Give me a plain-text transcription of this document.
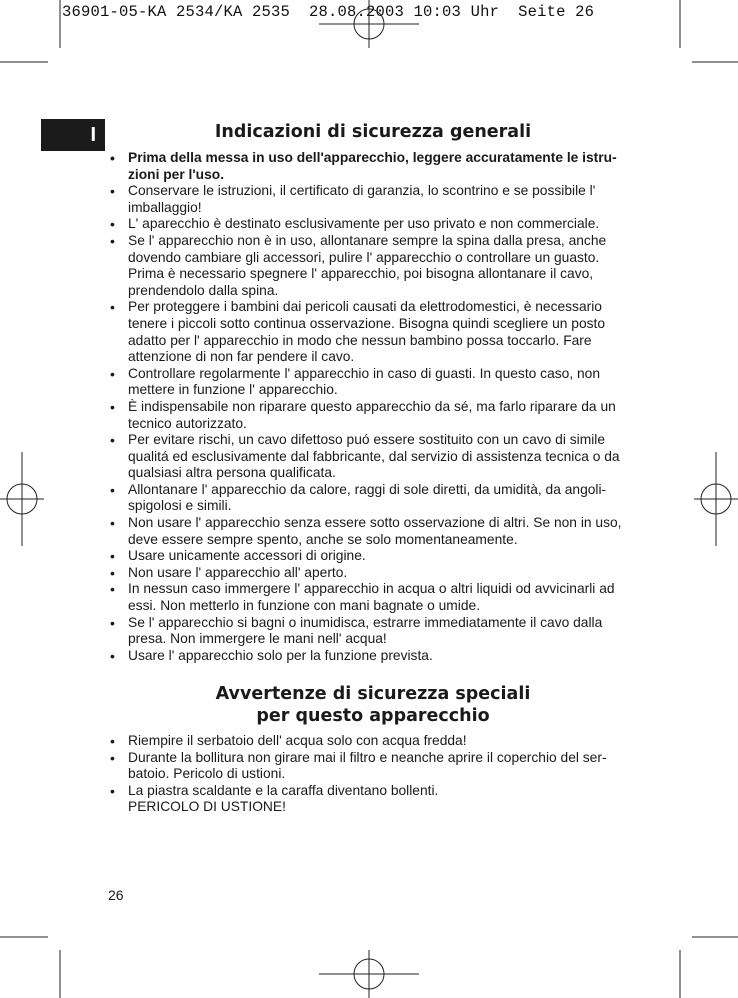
36901-05-KA 2534/KA 2535  28.08.2003 10:03 Uhr  Seite 26
I	Indicazioni di sicurezza generali
• Prima della messa in uso dell'apparecchio, leggere accuratamente le istru-zioni per l'uso.
• Conservare le istruzioni, il certificato di garanzia, lo scontrino e se possibile l' imballaggio!
• L' aparecchio è destinato esclusivamente per uso privato e non commerciale.
• Se l' apparecchio non è in uso, allontanare sempre la spina dalla presa, anche dovendo cambiare gli accessori, pulire l' apparecchio o controllare un guasto. Prima è necessario spegnere l' apparecchio, poi bisogna allontanare il cavo, prendendolo dalla spina.
• Per proteggere i bambini dai pericoli causati da elettrodomestici, è necessario tenere i piccoli sotto continua osservazione. Bisogna quindi scegliere un posto adatto per l' apparecchio in modo che nessun bambino possa toccarlo. Fare attenzione di non far pendere il cavo.
• Controllare regolarmente l' apparecchio in caso di guasti. In questo caso, non mettere in funzione l' apparecchio.
• È indispensabile non riparare questo apparecchio da sé, ma farlo riparare da un tecnico autorizzato.
• Per evitare rischi, un cavo difettoso puó essere sostituito con un cavo di simile qualitá ed esclusivamente dal fabbricante, dal servizio di assistenza tecnica o da qualsiasi altra persona qualificata.
• Allontanare l' apparecchio da calore, raggi di sole diretti, da umidità, da angoli-spigolosi e simili.
• Non usare l' apparecchio senza essere sotto osservazione di altri. Se non in uso, deve essere sempre spento, anche se solo momentaneamente.
• Usare unicamente accessori di origine.
• Non usare l' apparecchio all' aperto.
• In nessun caso immergere l' apparecchio in acqua o altri liquidi od avvicinarli ad essi. Non metterlo in funzione con mani bagnate o umide.
• Se l' apparecchio si bagni o inumidisca, estrarre immediatamente il cavo dalla presa. Non immergere le mani nell' acqua!
• Usare l' apparecchio solo per la funzione prevista.
Avvertenze di sicurezza speciali
per questo apparecchio
• Riempire il serbatoio dell' acqua solo con acqua fredda!
• Durante la bollitura non girare mai il filtro e neanche aprire il coperchio del ser-batoio. Pericolo di ustioni.
• La piastra scaldante e la caraffa diventano bollenti.
PERICOLO DI USTIONE!
26
